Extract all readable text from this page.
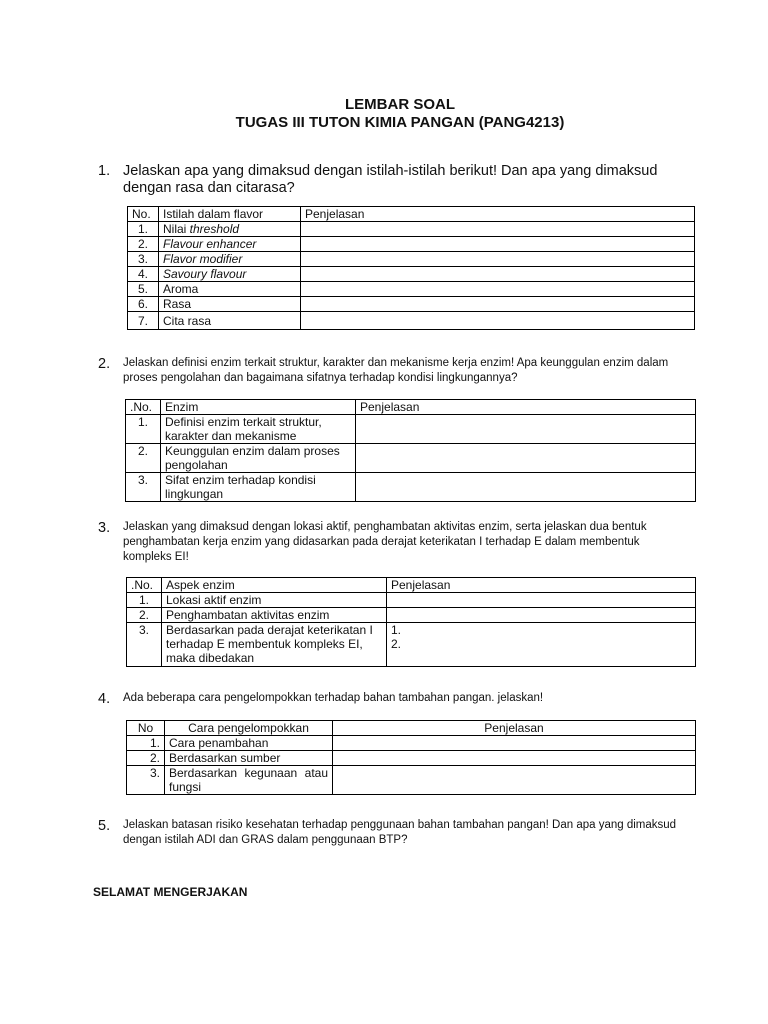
LEMBAR SOAL
TUGAS III TUTON KIMIA PANGAN (PANG4213)
1. Jelaskan apa yang dimaksud dengan istilah-istilah berikut! Dan apa yang dimaksud dengan rasa dan citarasa?
No.	Istilah dalam flavor	Penjelasan
1.	Nilai threshold	
2.	Flavour enhancer	
3.	Flavor modifier	
4.	Savoury flavour	
5.	Aroma	
6.	Rasa	
7.	Cita rasa	
2. Jelaskan definisi enzim terkait struktur, karakter dan mekanisme kerja enzim! Apa keunggulan enzim dalam proses pengolahan dan bagaimana sifatnya terhadap kondisi lingkungannya?
.No.	Enzim	Penjelasan
1.	Definisi enzim terkait struktur, karakter dan mekanisme	
2.	Keunggulan enzim dalam proses pengolahan	
3.	Sifat enzim terhadap kondisi lingkungan	
3. Jelaskan yang dimaksud dengan lokasi aktif, penghambatan aktivitas enzim, serta jelaskan dua bentuk penghambatan kerja enzim yang didasarkan pada derajat keterikatan I terhadap E dalam membentuk kompleks EI!
.No.	Aspek enzim	Penjelasan
1.	Lokasi aktif enzim	
2.	Penghambatan aktivitas enzim	
3.	Berdasarkan pada derajat keterikatan I terhadap E membentuk kompleks EI, maka dibedakan	1.
2.
4. Ada beberapa cara pengelompokkan terhadap bahan tambahan pangan. jelaskan!
No	Cara pengelompokkan	Penjelasan
1.	Cara penambahan	
2.	Berdasarkan sumber	
3.	Berdasarkan kegunaan atau fungsi	
5. Jelaskan batasan risiko kesehatan terhadap penggunaan bahan tambahan pangan! Dan apa yang dimaksud dengan istilah ADI dan GRAS dalam penggunaan BTP?
SELAMAT MENGERJAKAN
